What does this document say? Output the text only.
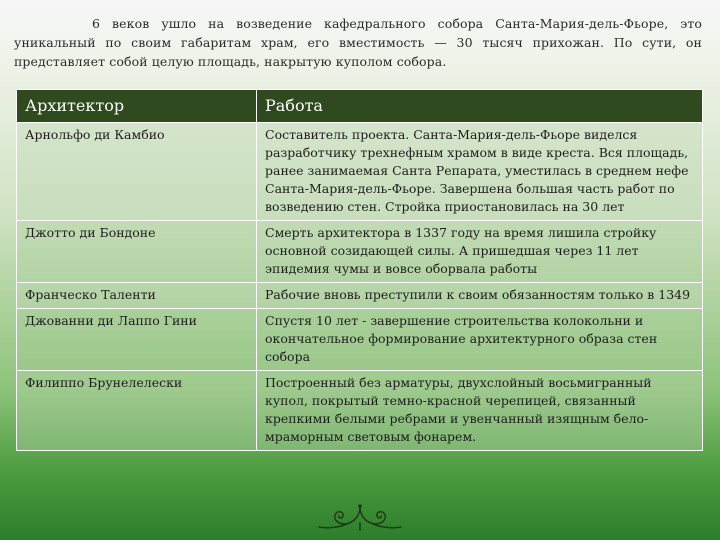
6 веков ушло на возведение кафедрального собора Санта-Мария-дель-Фьоре, это уникальный по своим габаритам храм, его вместимость — 30 тысяч прихожан. По сути, он представляет собой целую площадь, накрытую куполом собора.

Архитектор	Работа
Арнольфо ди Камбио	Составитель проекта. Санта-Мария-дель-Фьоре виделся разработчику трехнефным храмом в виде креста. Вся площадь, ранее занимаемая Санта Репарата, уместилась в среднем нефе Санта-Мария-дель-Фьоре. Завершена большая часть работ по возведению стен. Стройка приостановилась на 30 лет
Джотто ди Бондоне	Смерть архитектора в 1337 году на время лишила стройку основной созидающей силы. А пришедшая через 11 лет эпидемия чумы и вовсе оборвала работы
Франческо Таленти	Рабочие вновь преступили к своим обязанностям только в 1349
Джованни ди Лаппо Гини	Спустя 10 лет - завершение строительства колокольни и окончательное формирование архитектурного образа стен собора
Филиппо Брунелелески	Построенный без арматуры, двухслойный восьмигранный купол, покрытый темно-красной черепицей, связанный крепкими белыми ребрами и увенчанный изящным бело-мраморным световым фонарем.
